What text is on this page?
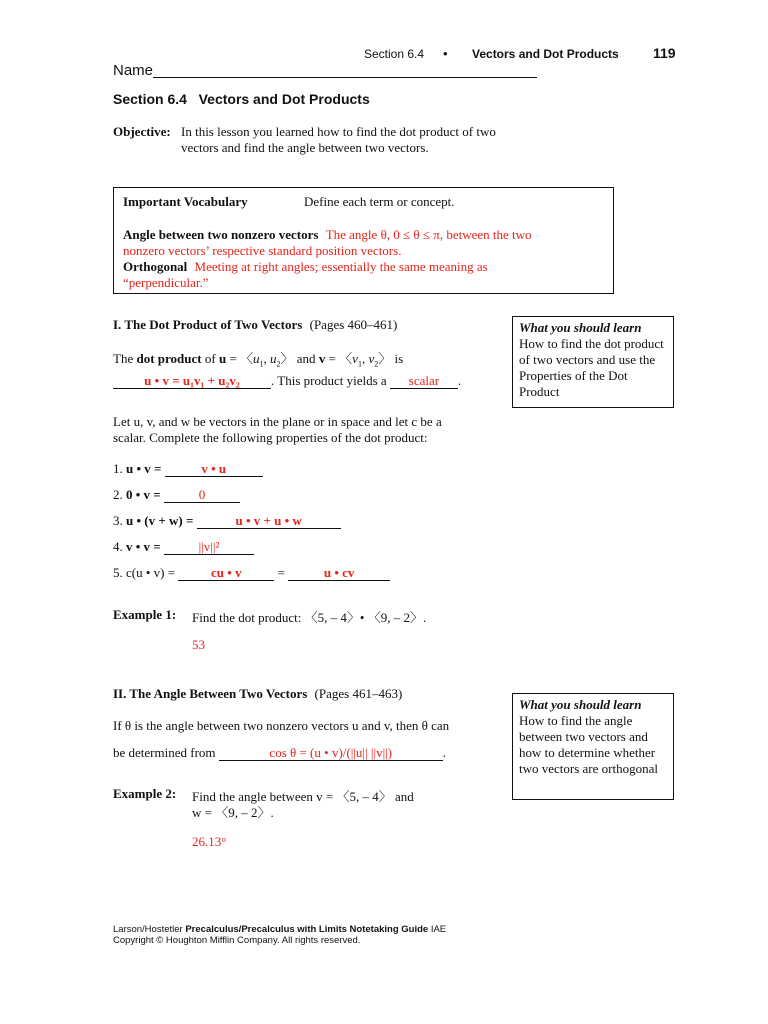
Section 6.4 • Vectors and Dot Products 119
Name
Section 6.4   Vectors and Dot Products
Objective: In this lesson you learned how to find the dot product of two
vectors and find the angle between two vectors.
Important Vocabulary	Define each term or concept.
Angle between two nonzero vectors The angle θ, 0 ≤ θ ≤ π, between the two
nonzero vectors’ respective standard position vectors.
Orthogonal Meeting at right angles; essentially the same meaning as
“perpendicular.”
I. The Dot Product of Two Vectors (Pages 460–461)	What you should learn
How to find the dot product of two vectors and use the Properties of the Dot Product
The dot product of u = 〈$u_1$, $u_2$〉 and v = 〈$v_1$, $v_2$〉 is
u • v = u₁v₁ + u₂v₂ . This product yields a scalar .
Let u, v, and w be vectors in the plane or in space and let c be a
scalar. Complete the following properties of the dot product:
1. u • v =	v • u
2. 0 • v =	0
3. u • (v + w) =	u • v + u • w
4. v • v =	||v||²
5. c(u • v) =	cu • v	=	u • cv
Example 1: Find the dot product: 〈5, – 4〉• 〈9, – 2〉.
53
II. The Angle Between Two Vectors (Pages 461–463)
What you should learn
How to find the angle between two vectors and how to determine whether two vectors are orthogonal
If θ is the angle between two nonzero vectors u and v, then θ can
be determined from	cos θ = (u • v)/(||u|| ||v||)	.
Example 2: Find the angle between v = 〈5, – 4〉 and
w = 〈9, – 2〉.
26.13°
Larson/Hostetler Precalculus/Precalculus with Limits Notetaking Guide IAE
Copyright © Houghton Mifflin Company. All rights reserved.
